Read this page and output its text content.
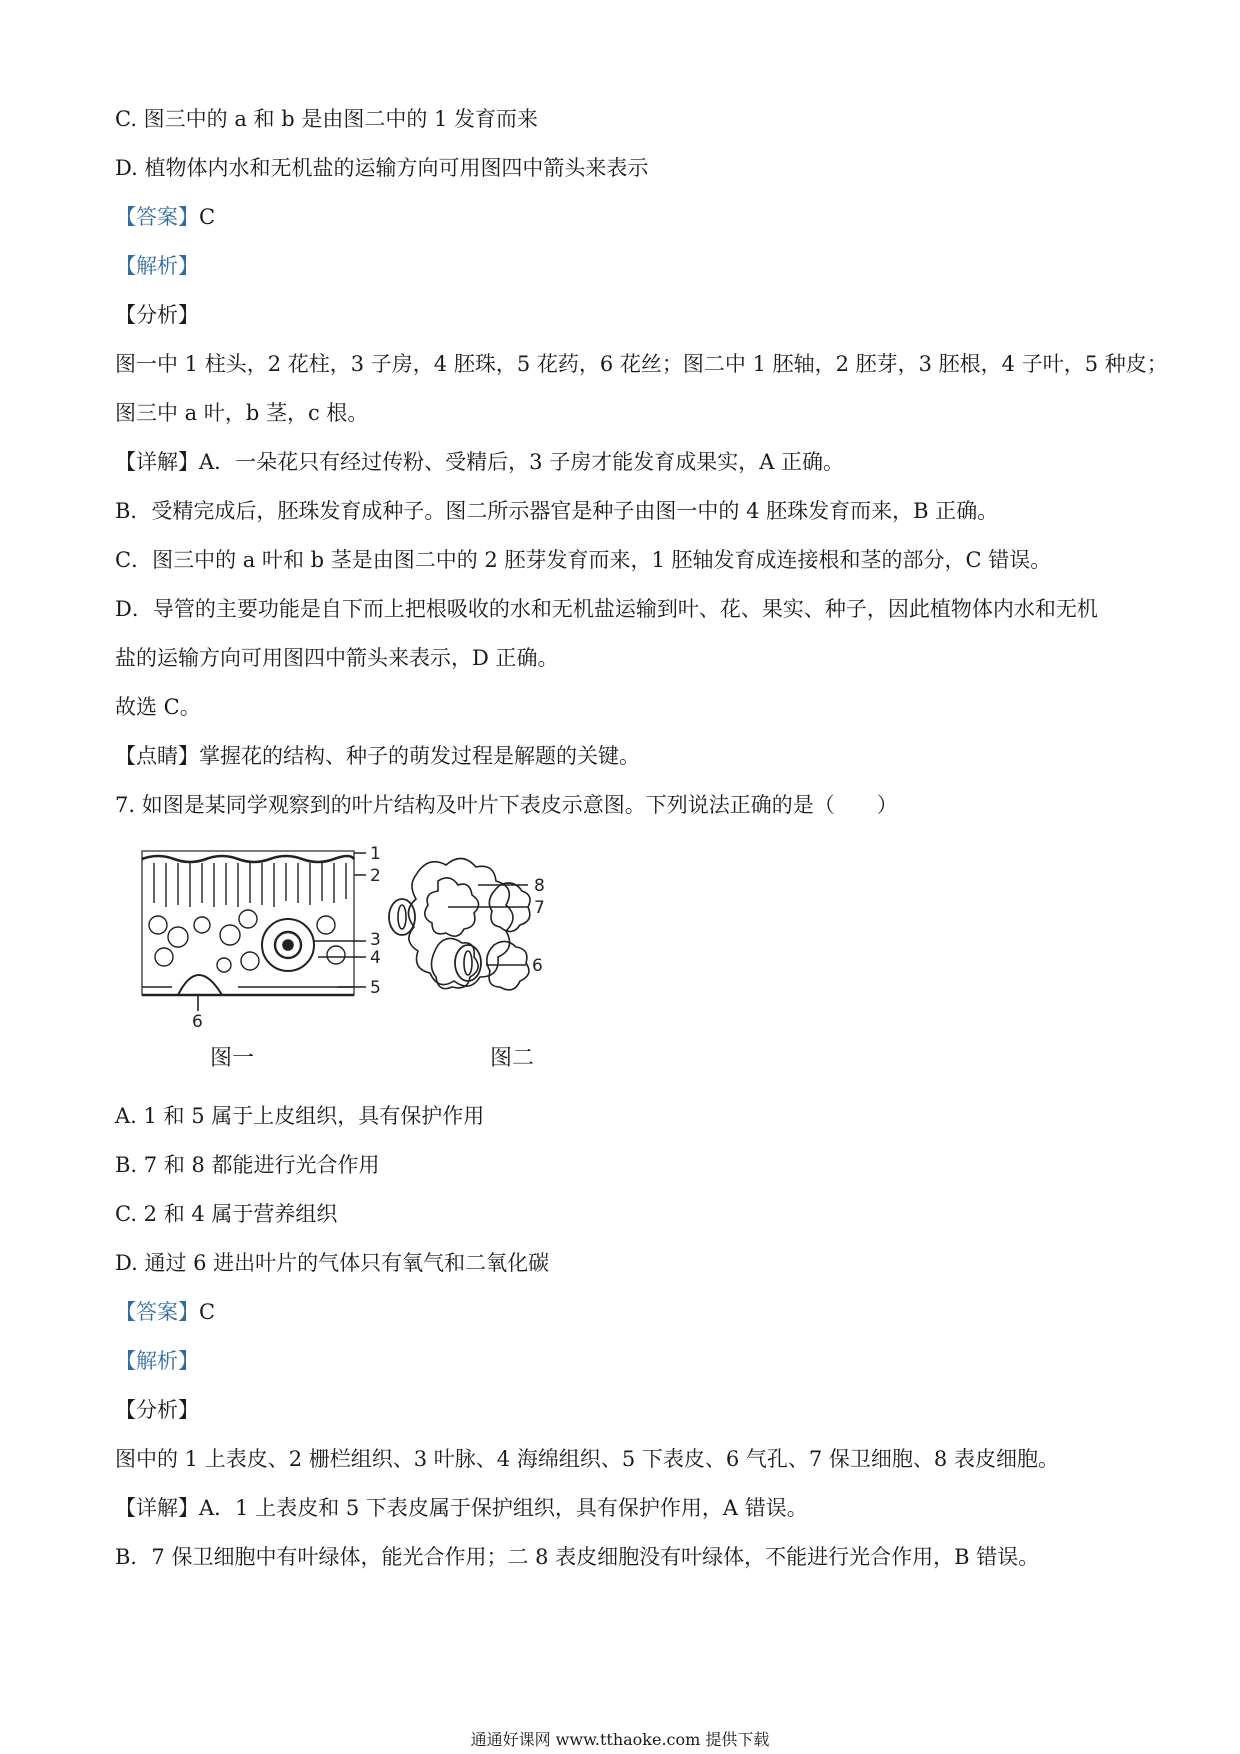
C. 图三中的 a 和 b 是由图二中的 1 发育而来
D. 植物体内水和无机盐的运输方向可用图四中箭头来表示
【答案】C
【解析】
【分析】
图一中 1 柱头，2 花柱，3 子房，4 胚珠，5 花药，6 花丝；图二中 1 胚轴，2 胚芽，3 胚根，4 子叶，5 种皮；
图三中 a 叶，b 茎，c 根。
【详解】A．一朵花只有经过传粉、受精后，3 子房才能发育成果实，A 正确。
B．受精完成后，胚珠发育成种子。图二所示器官是种子由图一中的 4 胚珠发育而来，B 正确。
C．图三中的 a 叶和 b 茎是由图二中的 2 胚芽发育而来，1 胚轴发育成连接根和茎的部分，C 错误。
D．导管的主要功能是自下而上把根吸收的水和无机盐运输到叶、花、果实、种子，因此植物体内水和无机
盐的运输方向可用图四中箭头来表示，D 正确。
故选 C。
【点睛】掌握花的结构、种子的萌发过程是解题的关键。
7. 如图是某同学观察到的叶片结构及叶片下表皮示意图。下列说法正确的是（　　）
1
2
3
4
5
6
8
7
6
图一	图二
A. 1 和 5 属于上皮组织，具有保护作用
B. 7 和 8 都能进行光合作用
C. 2 和 4 属于营养组织
D. 通过 6 进出叶片的气体只有氧气和二氧化碳
【答案】C
【解析】
【分析】
图中的 1 上表皮、2 栅栏组织、3 叶脉、4 海绵组织、5 下表皮、6 气孔、7 保卫细胞、8 表皮细胞。
【详解】A．1 上表皮和 5 下表皮属于保护组织，具有保护作用，A 错误。
B．7 保卫细胞中有叶绿体，能光合作用；二 8 表皮细胞没有叶绿体，不能进行光合作用，B 错误。
通通好课网 www.tthaoke.com 提供下载
